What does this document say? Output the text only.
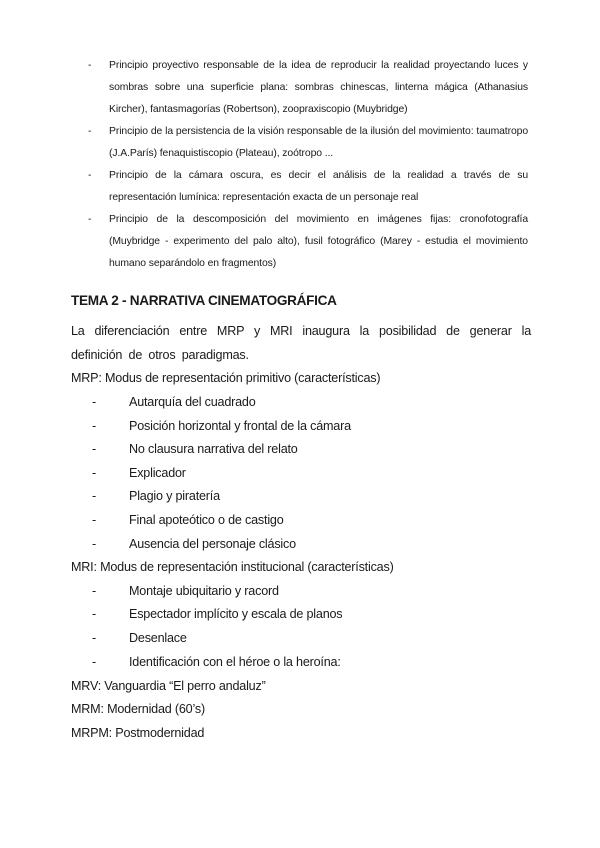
- Principio proyectivo responsable de la idea de reproducir la realidad proyectando luces y sombras sobre una superficie plana: sombras chinescas, linterna mágica (Athanasius Kircher), fantasmagorías (Robertson), zoopraxiscopio (Muybridge)
- Principio de la persistencia de la visión responsable de la ilusión del movimiento: taumatropo (J.A.París) fenaquistiscopio (Plateau), zoótropo ...
- Principio de la cámara oscura, es decir el análisis de la realidad a través de su representación lumínica: representación exacta de un personaje real
- Principio de la descomposición del movimiento en imágenes fijas: cronofotografía (Muybridge - experimento del palo alto), fusil fotográfico (Marey - estudia el movimiento humano separándolo en fragmentos)
TEMA 2 - NARRATIVA CINEMATOGRÁFICA

La diferenciación entre MRP y MRI inaugura la posibilidad de generar la definición de otros paradigmas.

MRP: Modus de representación primitivo (características)

-	Autarquía del cuadrado
-	Posición horizontal y frontal de la cámara
-	No clausura narrativa del relato
-	Explicador
-	Plagio y piratería
-	Final apoteótico o de castigo
-	Ausencia del personaje clásico

MRI: Modus de representación institucional (características)

-	Montaje ubiquitario y racord
-	Espectador implícito y escala de planos
-	Desenlace
-	Identificación con el héroe o la heroína:

MRV: Vanguardia “El perro andaluz”

MRM: Modernidad (60’s)

MRPM: Postmodernidad
